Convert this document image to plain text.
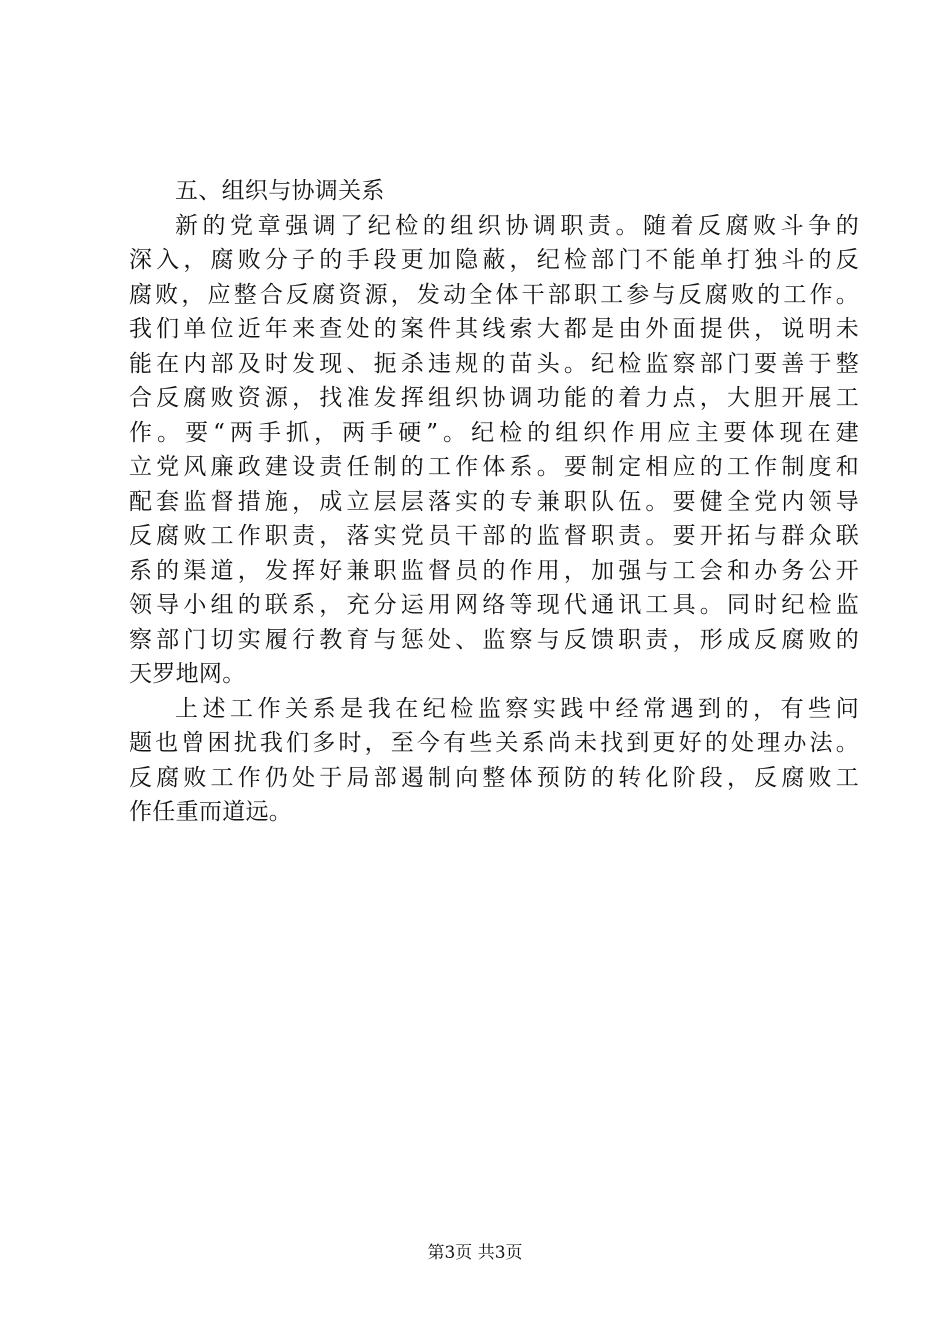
五、组织与协调关系
新的党章强调了纪检的组织协调职责。随着反腐败斗争的
深入，腐败分子的手段更加隐蔽，纪检部门不能单打独斗的反
腐败，应整合反腐资源，发动全体干部职工参与反腐败的工作。
我们单位近年来查处的案件其线索大都是由外面提供，说明未
能在内部及时发现、扼杀违规的苗头。纪检监察部门要善于整
合反腐败资源，找准发挥组织协调功能的着力点，大胆开展工
作。要“两手抓，两手硬”。纪检的组织作用应主要体现在建
立党风廉政建设责任制的工作体系。要制定相应的工作制度和
配套监督措施，成立层层落实的专兼职队伍。要健全党内领导
反腐败工作职责，落实党员干部的监督职责。要开拓与群众联
系的渠道，发挥好兼职监督员的作用，加强与工会和办务公开
领导小组的联系，充分运用网络等现代通讯工具。同时纪检监
察部门切实履行教育与惩处、监察与反馈职责，形成反腐败的
天罗地网。
上述工作关系是我在纪检监察实践中经常遇到的，有些问
题也曾困扰我们多时，至今有些关系尚未找到更好的处理办法。
反腐败工作仍处于局部遏制向整体预防的转化阶段，反腐败工
作任重而道远。
第3页 共3页
